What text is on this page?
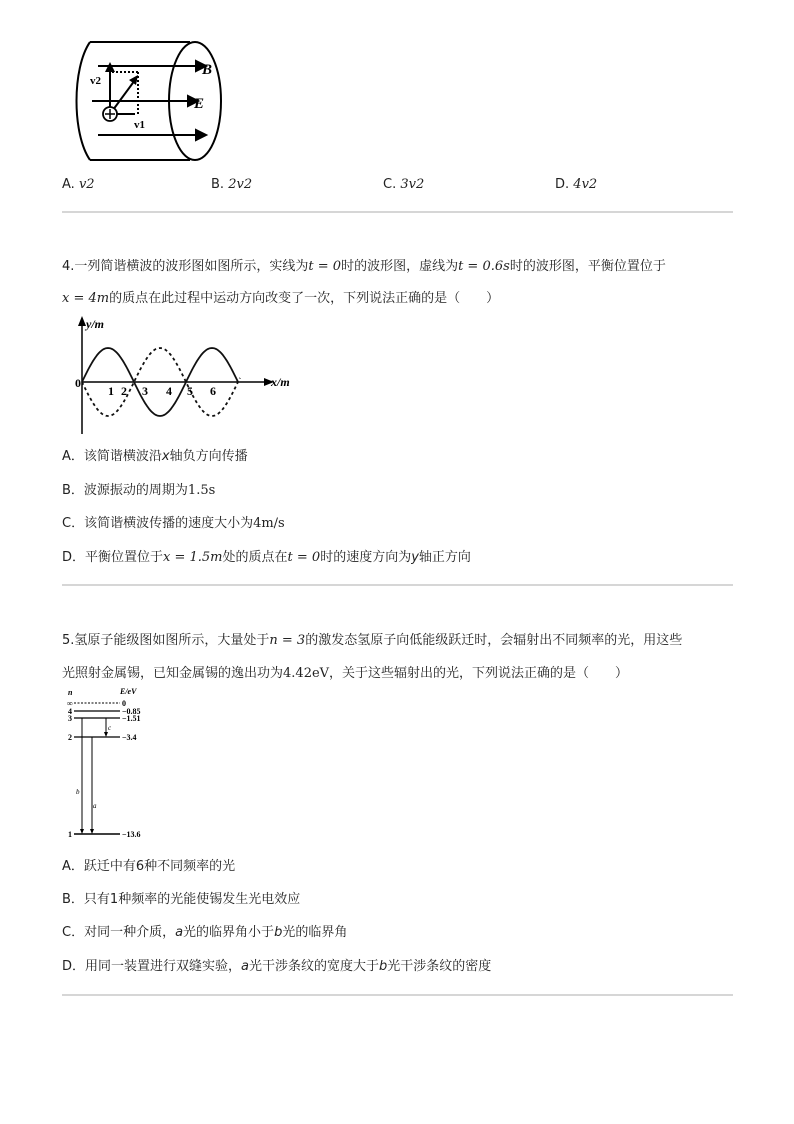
B
E
v2
v1
A. v2	B. 2v2	C. 3v2	D. 4v2
4.一列简谐横波的波形图如图所示，实线为t = 0时的波形图，虚线为t = 0.6s时的波形图，平衡位置位于
x = 4m的质点在此过程中运动方向改变了一次，下列说法正确的是（　　）
y/m
x/m
0
1 2 3 4 5 6
A．该简谐横波沿x轴负方向传播
B．波源振动的周期为1.5s
C．该简谐横波传播的速度大小为4m/s
D．平衡位置位于x = 1.5m处的质点在t = 0时的速度方向为y轴正方向
5.氢原子能级图如图所示，大量处于n = 3的激发态氢原子向低能级跃迁时，会辐射出不同频率的光，用这些
光照射金属锡，已知金属锡的逸出功为4.42eV，关于这些辐射出的光，下列说法正确的是（　　）
n	E/eV
∞
4
3
2
1
0
−0.85
−1.51
−3.4
−13.6
a
b
c
A．跃迁中有6种不同频率的光
B．只有1种频率的光能使锡发生光电效应
C．对同一种介质，a光的临界角小于b光的临界角
D．用同一装置进行双缝实验，a光干涉条纹的宽度大于b光干涉条纹的密度
